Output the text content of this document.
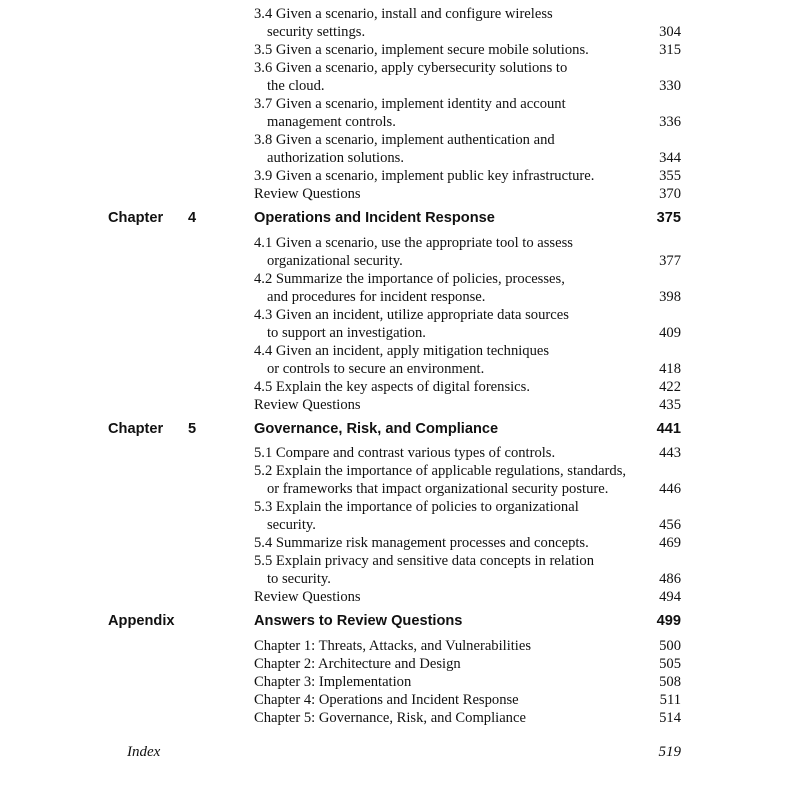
3.4 Given a scenario, install and configure wireless
security settings.	304
3.5 Given a scenario, implement secure mobile solutions.	315
3.6 Given a scenario, apply cybersecurity solutions to
the cloud.	330
3.7 Given a scenario, implement identity and account
management controls.	336
3.8 Given a scenario, implement authentication and
authorization solutions.	344
3.9 Given a scenario, implement public key infrastructure.	355
Review Questions	370
Chapter 4	Operations and Incident Response	375
4.1 Given a scenario, use the appropriate tool to assess
organizational security.	377
4.2 Summarize the importance of policies, processes,
and procedures for incident response.	398
4.3 Given an incident, utilize appropriate data sources
to support an investigation.	409
4.4 Given an incident, apply mitigation techniques
or controls to secure an environment.	418
4.5 Explain the key aspects of digital forensics.	422
Review Questions	435
Chapter 5	Governance, Risk, and Compliance	441
5.1 Compare and contrast various types of controls.	443
5.2 Explain the importance of applicable regulations, standards,
or frameworks that impact organizational security posture.	446
5.3 Explain the importance of policies to organizational
security.	456
5.4 Summarize risk management processes and concepts.	469
5.5 Explain privacy and sensitive data concepts in relation
to security.	486
Review Questions	494
Appendix	Answers to Review Questions	499
Chapter 1: Threats, Attacks, and Vulnerabilities	500
Chapter 2: Architecture and Design	505
Chapter 3: Implementation	508
Chapter 4: Operations and Incident Response	511
Chapter 5: Governance, Risk, and Compliance	514
Index	519
